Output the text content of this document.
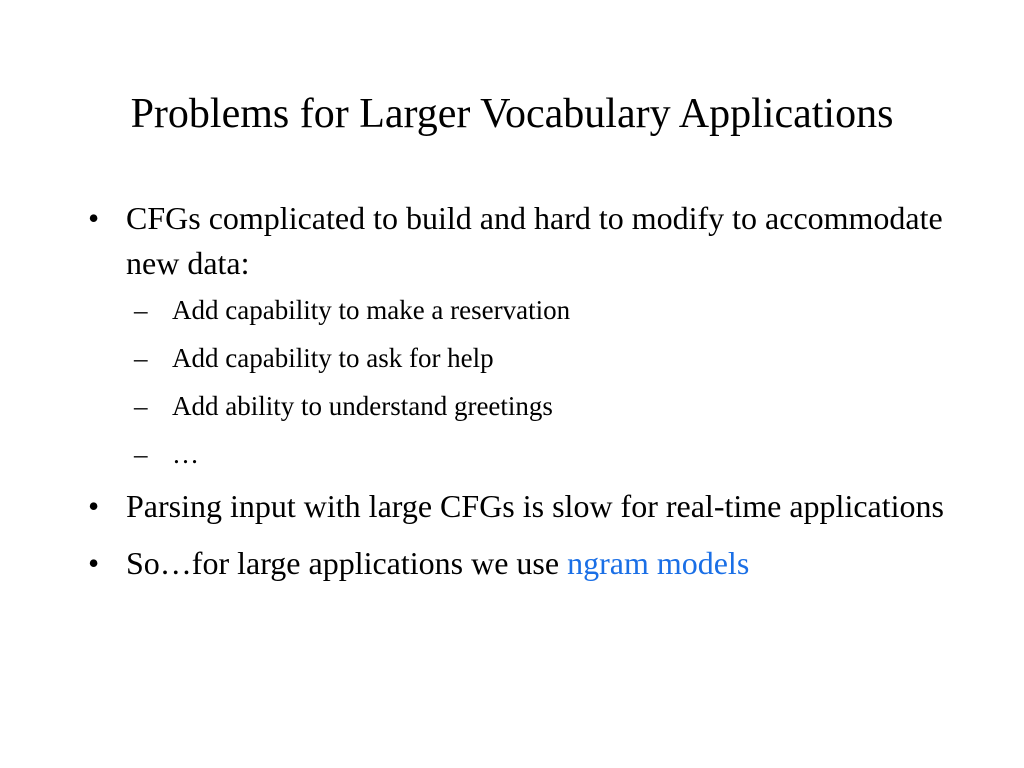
Problems for Larger Vocabulary Applications
• CFGs complicated to build and hard to modify to accommodate new data:
– Add capability to make a reservation
– Add capability to ask for help
– Add ability to understand greetings
– …
• Parsing input with large CFGs is slow for real-time applications
• So…for large applications we use ngram models
